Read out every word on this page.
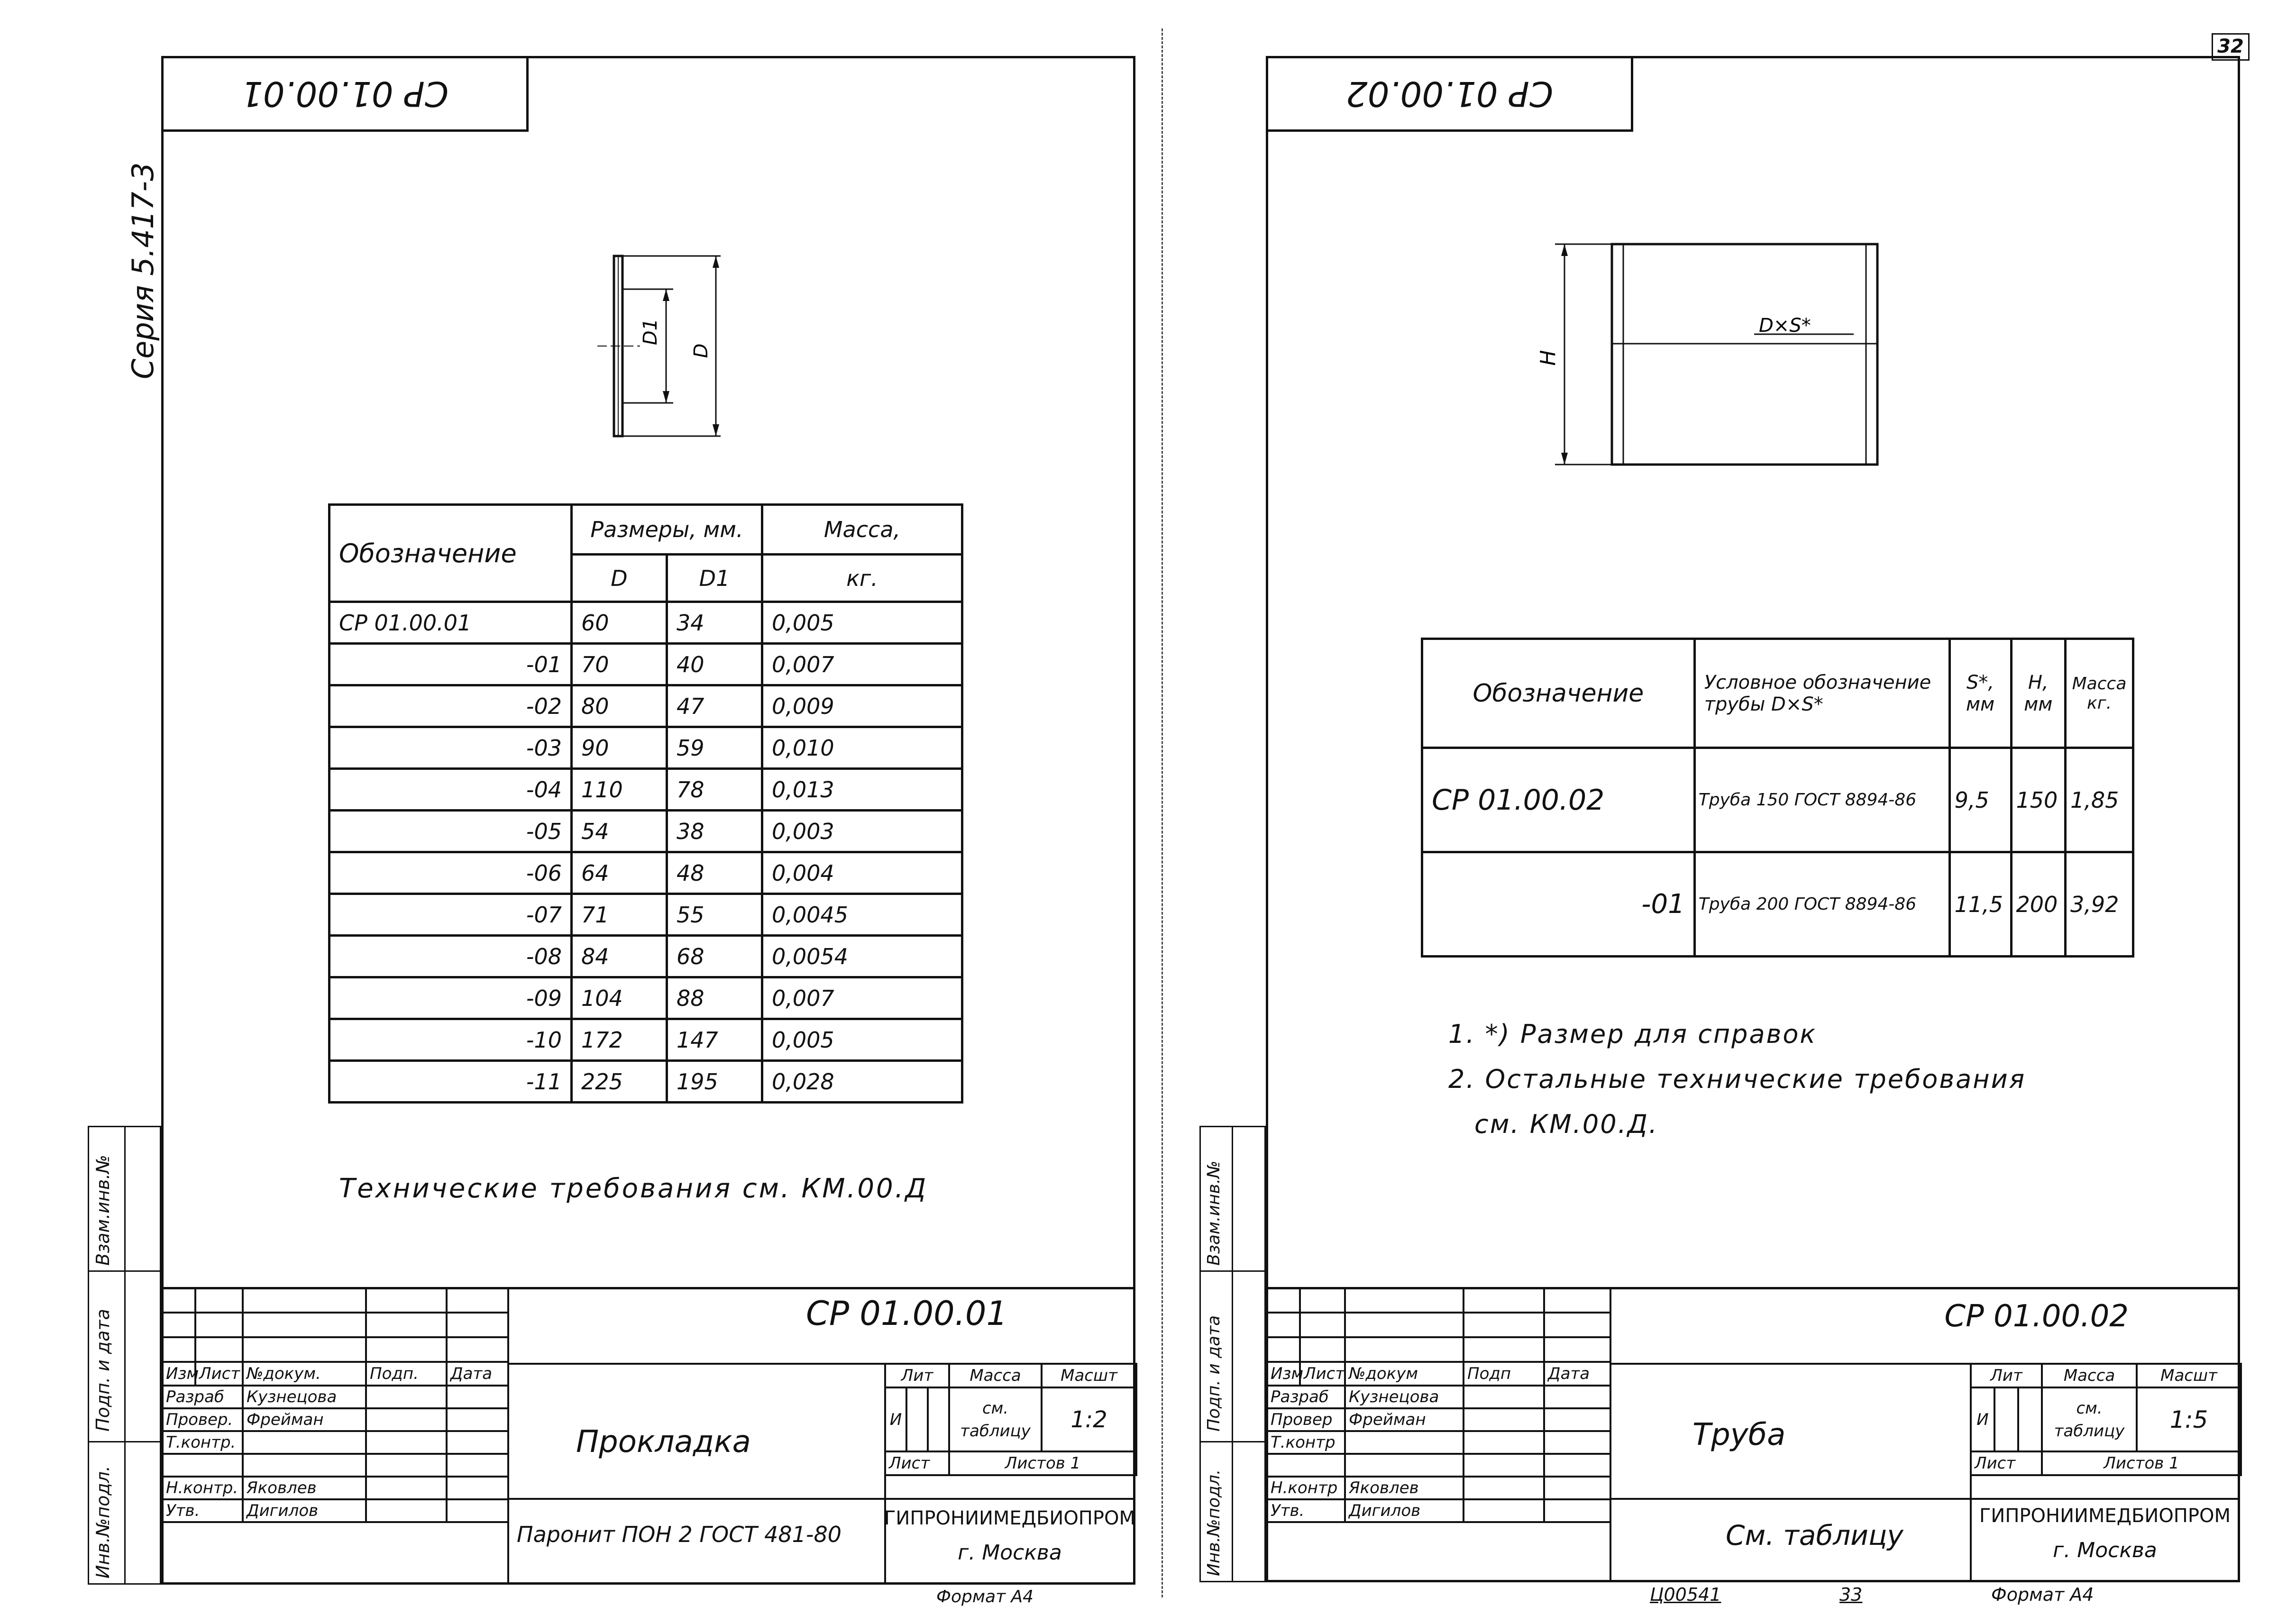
32
Серия 5.417-3
Инв.№подл.
Подп. и дата
Взам.инв.№
СР 01.00.01
D1
D
Обозначение	Размеры, мм.		Масса,
	D	D1	кг.
СР 01.00.01	60	34	0,005
-01	70	40	0,007
-02	80	47	0,009
-03	90	59	0,010
-04	110	78	0,013
-05	54	38	0,003
-06	64	48	0,004
-07	71	55	0,0045
-08	84	68	0,0054
-09	104	88	0,007
-10	172	147	0,005
-11	225	195	0,028
Технические требования см. КМ.00.Д

Изм	Лист	№докум.	Подп.	Дата
Разраб		Кузнецова		
Провер.		Фрейман		
Т.контр.				

Н.контр.		Яковлев		
Утв.		Дигилов		
СР 01.00.01
Прокладка
Паронит ПОН 2 ГОСТ 481-80
Лит			Масса	Масшт
И			см. таблицу	1:2
Лист			Листов 1	
ГИПРОНИИМЕДБИОПРОМ
г. Москва
Формат А4
Инв.№подл.
Подп. и дата
Взам.инв.№
СР 01.00.02
H
D×S*
Обозначение	Условное обозначение трубы D×S*	S*, мм	H, мм	Масса кг.
СР 01.00.02	Труба 150 ГОСТ 8894-86	9,5	150	1,85
-01	Труба 200 ГОСТ 8894-86	11,5	200	3,92
1. *) Размер для справок
2. Остальные технические требования
см. КМ.00.Д.

Изм	Лист	№докум	Подп	Дата
Разраб		Кузнецова		
Провер		Фрейман		
Т.контр				

Н.контр		Яковлев		
Утв.		Дигилов		
СР 01.00.02
Труба
См. таблицу
Лит			Масса	Масшт
И			см. таблицу	1:5
Лист			Листов 1	
ГИПРОНИИМЕДБИОПРОМ
г. Москва
Ц00541	33	Формат А4
